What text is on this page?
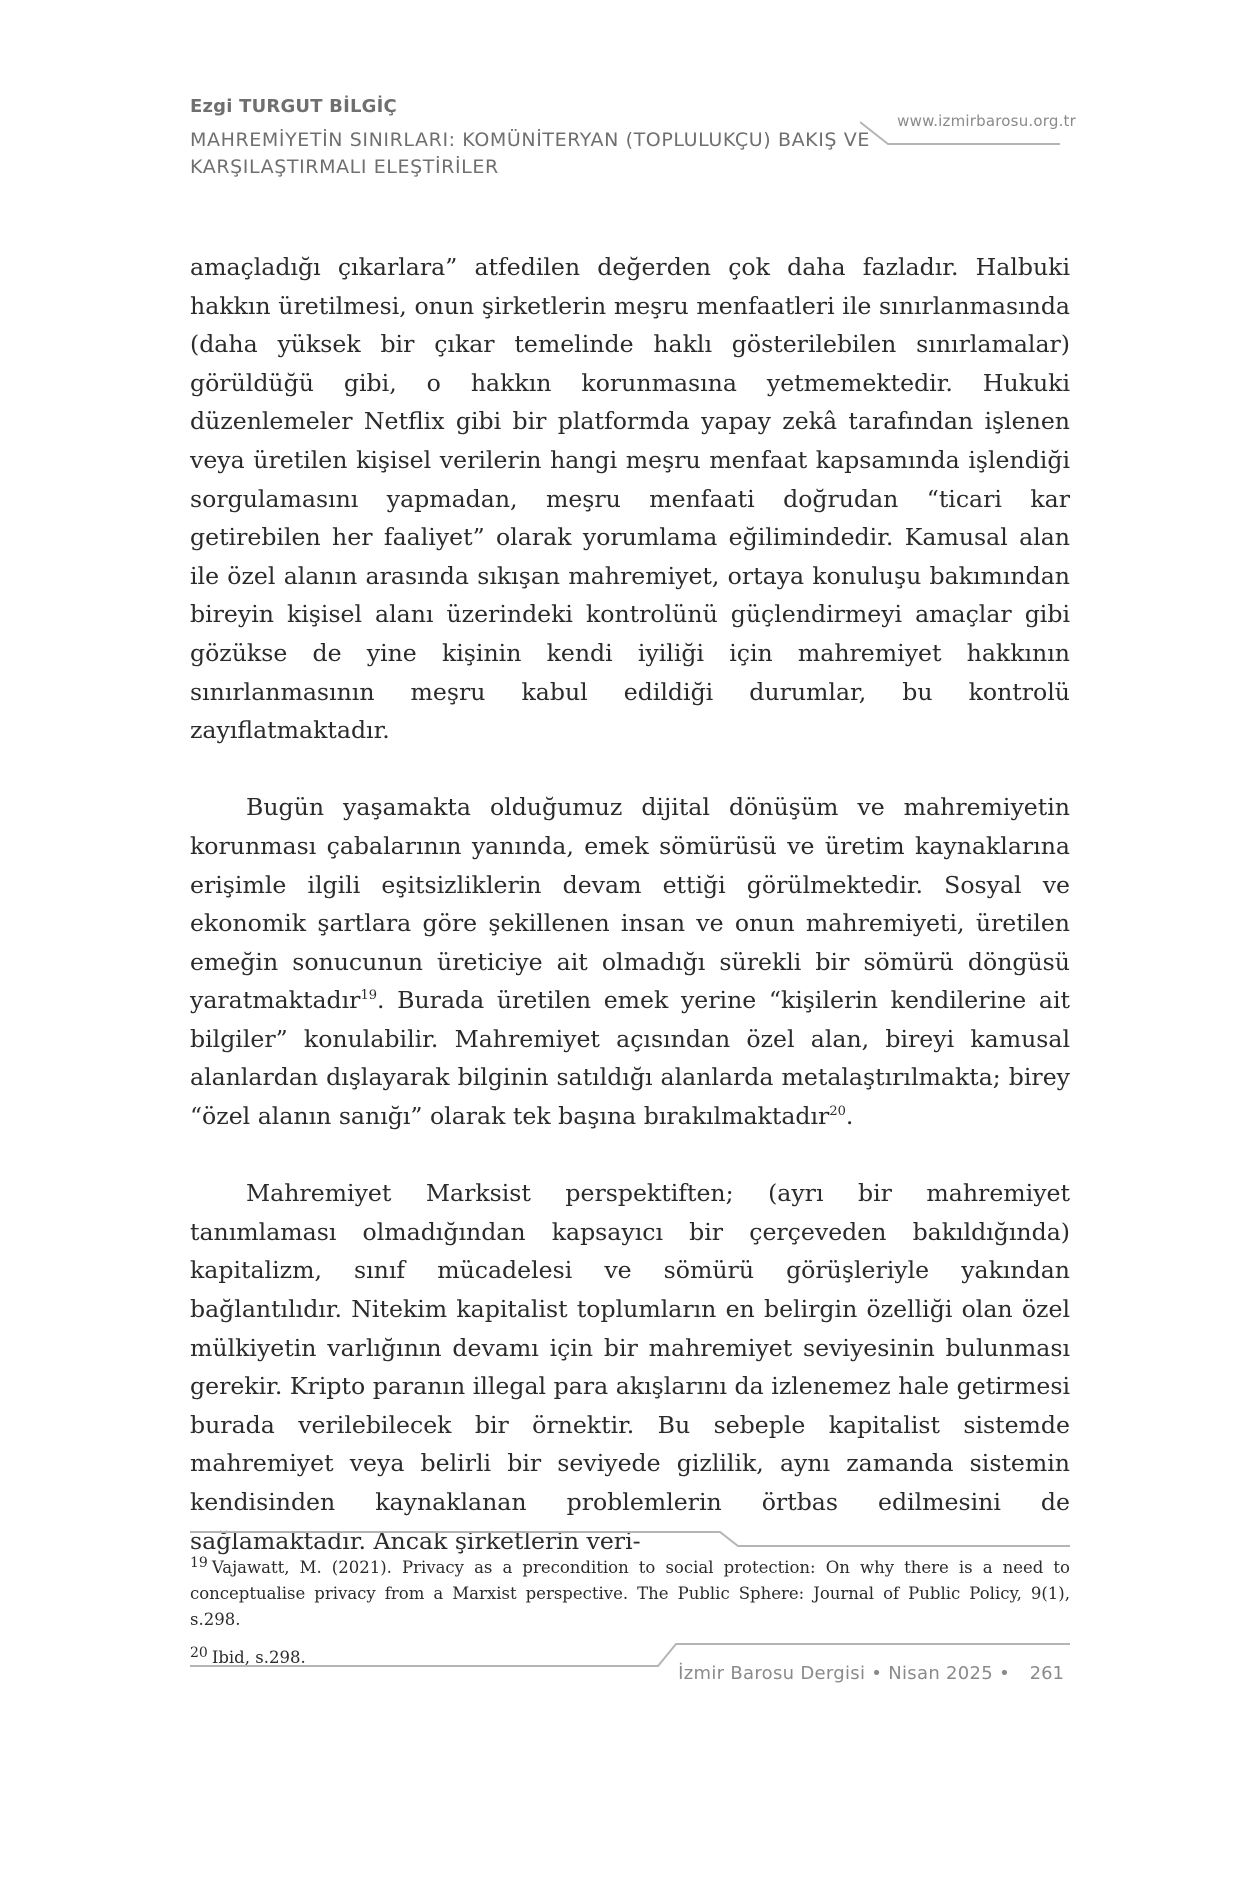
Ezgi TURGUT BİLGİÇ
MAHREMİYETİN SINIRLARI: KOMÜNİTERYAN (TOPLULUKÇU) BAKIŞ VE KARŞILAŞTIRMALI ELEŞTİRİLER
www.izmirbarosu.org.tr

amaçladığı çıkarlara” atfedilen değerden çok daha fazladır. Halbuki hakkın üretilmesi, onun şirketlerin meşru menfaatleri ile sınırlanmasında (daha yüksek bir çıkar temelinde haklı gösterilebilen sınırlamalar) görüldüğü gibi, o hakkın korunmasına yetmemektedir. Hukuki düzenlemeler Netflix gibi bir platformda yapay zekâ tarafından işlenen veya üretilen kişisel verilerin hangi meşru menfaat kapsamında işlendiği sorgulamasını yapmadan, meşru menfaati doğrudan “ticari kar getirebilen her faaliyet” olarak yorumlama eğilimindedir. Kamusal alan ile özel alanın arasında sıkışan mahremiyet, ortaya konuluşu bakımından bireyin kişisel alanı üzerindeki kontrolünü güçlendirmeyi amaçlar gibi gözükse de yine kişinin kendi iyiliği için mahremiyet hakkının sınırlanmasının meşru kabul edildiği durumlar, bu kontrolü zayıflatmaktadır.

Bugün yaşamakta olduğumuz dijital dönüşüm ve mahremiyetin korunması çabalarının yanında, emek sömürüsü ve üretim kaynaklarına erişimle ilgili eşitsizliklerin devam ettiği görülmektedir. Sosyal ve ekonomik şartlara göre şekillenen insan ve onun mahremiyeti, üretilen emeğin sonucunun üreticiye ait olmadığı sürekli bir sömürü döngüsü yaratmaktadır$^{19}$. Burada üretilen emek yerine “kişilerin kendilerine ait bilgiler” konulabilir. Mahremiyet açısından özel alan, bireyi kamusal alanlardan dışlayarak bilginin satıldığı alanlarda metalaştırılmakta; birey “özel alanın sanığı” olarak tek başına bırakılmaktadır$^{20}$.

Mahremiyet Marksist perspektiften; (ayrı bir mahremiyet tanımlaması olmadığından kapsayıcı bir çerçeveden bakıldığında) kapitalizm, sınıf mücadelesi ve sömürü görüşleriyle yakından bağlantılıdır. Nitekim kapitalist toplumların en belirgin özelliği olan özel mülkiyetin varlığının devamı için bir mahremiyet seviyesinin bulunması gerekir. Kripto paranın illegal para akışlarını da izlenemez hale getirmesi burada verilebilecek bir örnektir. Bu sebeple kapitalist sistemde mahremiyet veya belirli bir seviyede gizlilik, aynı zamanda sistemin kendisinden kaynaklanan problemlerin örtbas edilmesini de sağlamaktadır. Ancak şirketlerin veri-

$^{19}$ Vajawatt, M. (2021). Privacy as a precondition to social protection: On why there is a need to conceptualise privacy from a Marxist perspective. The Public Sphere: Journal of Public Policy, 9(1), s.298.
$^{20}$ Ibid, s.298.
İzmir Barosu Dergisi • Nisan 2025 • 261
